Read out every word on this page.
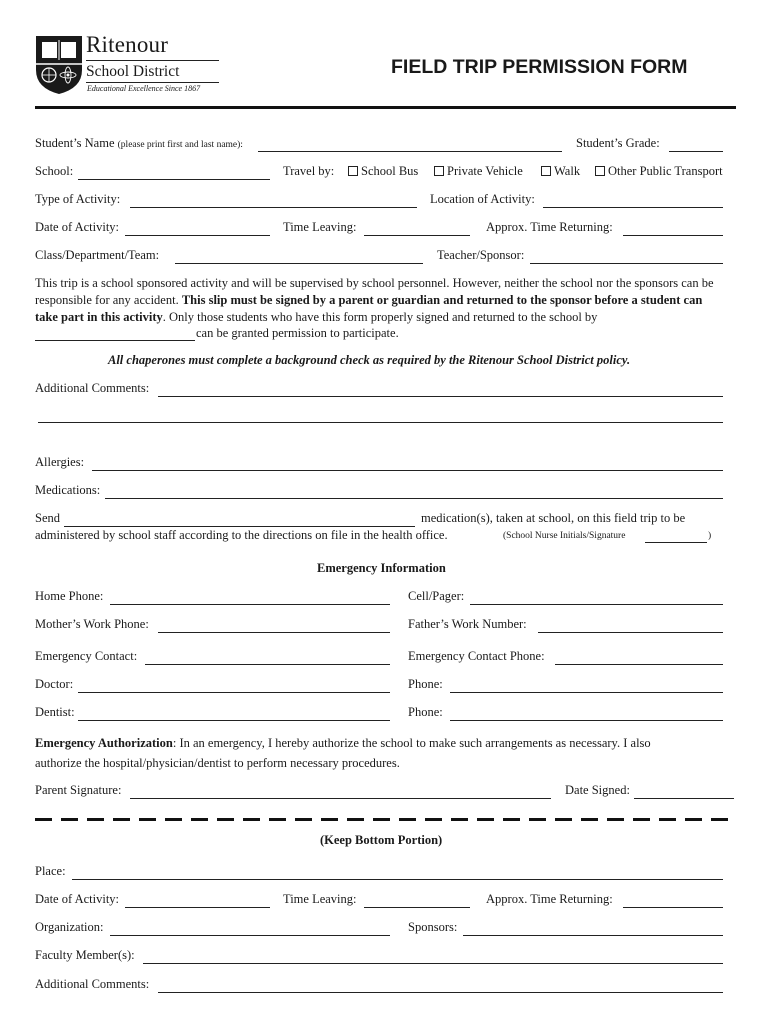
Ritenour
School District
Educational Excellence Since 1867
FIELD TRIP PERMISSION FORM
Student’s Name (please print first and last name):	Student’s Grade:
School:	Travel by:	School Bus	Private Vehicle	Walk	Other Public Transport
Type of Activity:	Location of Activity:
Date of Activity:	Time Leaving:	Approx. Time Returning:
Class/Department/Team:	Teacher/Sponsor:
This trip is a school sponsored activity and will be supervised by school personnel. However, neither the school nor the sponsors can be responsible for any accident. This slip must be signed by a parent or guardian and returned to the sponsor before a student can take part in this activity. Only those students who have this form properly signed and returned to the school by
can be granted permission to participate.
All chaperones must complete a background check as required by the Ritenour School District policy.
Additional Comments:
Allergies:
Medications:
Send	medication(s), taken at school, on this field trip to be
administered by school staff according to the directions on file in the health office.	(School Nurse Initials/Signature	)
Emergency Information
Home Phone:	Cell/Pager:
Mother’s Work Phone:	Father’s Work Number:
Emergency Contact:	Emergency Contact Phone:
Doctor:	Phone:
Dentist:	Phone:
Emergency Authorization: In an emergency, I hereby authorize the school to make such arrangements as necessary. I also
authorize the hospital/physician/dentist to perform necessary procedures.
Parent Signature:	Date Signed:
(Keep Bottom Portion)
Place:
Date of Activity:	Time Leaving:	Approx. Time Returning:
Organization:	Sponsors:
Faculty Member(s):
Additional Comments:
